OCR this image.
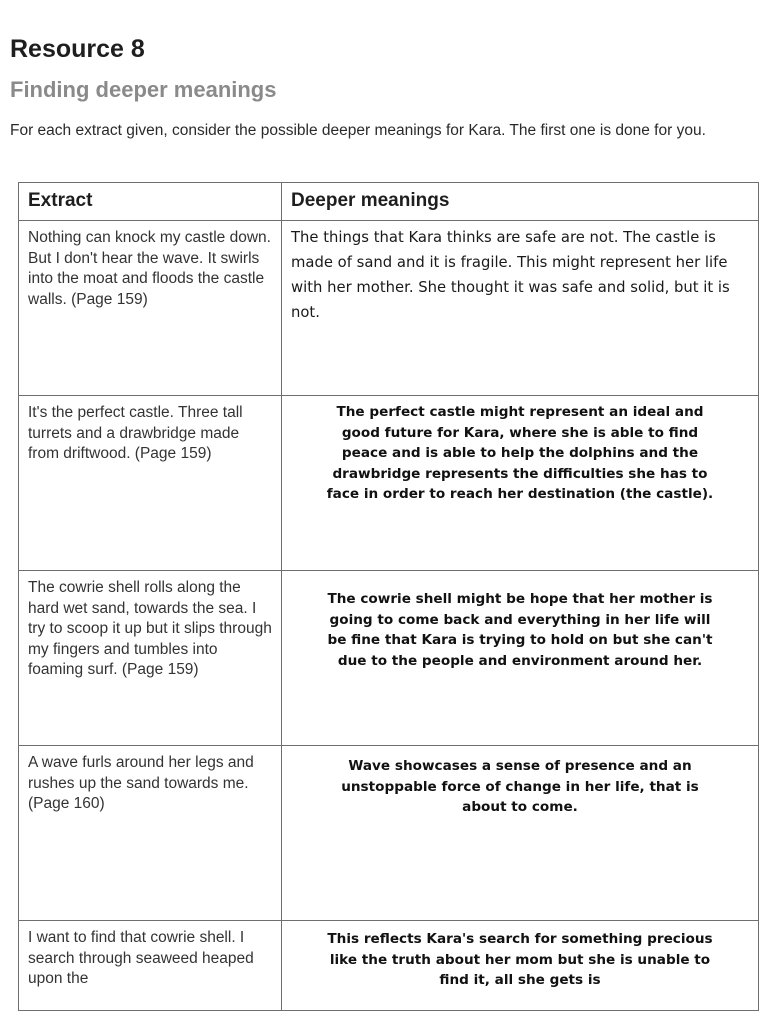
Resource 8
Finding deeper meanings

For each extract given, consider the possible deeper meanings for Kara. The first one is done for you.

Extract	Deeper meanings

Nothing can knock my castle down. But I don't hear the wave. It swirls into the moat and floods the castle walls. (Page 159)	The things that Kara thinks are safe are not. The castle is made of sand and it is fragile. This might represent her life with her mother. She thought it was safe and solid, but it is not.

It's the perfect castle. Three tall turrets and a drawbridge made from driftwood. (Page 159)	The perfect castle might represent an ideal and good future for Kara, where she is able to find peace and is able to help the dolphins and the drawbridge represents the difficulties she has to face in order to reach her destination (the castle).

The cowrie shell rolls along the hard wet sand, towards the sea. I try to scoop it up but it slips through my fingers and tumbles into foaming surf. (Page 159)	The cowrie shell might be hope that her mother is going to come back and everything in her life will be fine that Kara is trying to hold on but she can't due to the people and environment around her.

A wave furls around her legs and rushes up the sand towards me. (Page 160)	Wave showcases a sense of presence and an unstoppable force of change in her life, that is about to come.

I want to find that cowrie shell. I search through seaweed heaped upon the	This reflects Kara's search for something precious like the truth about her mom but she is unable to find it, all she gets is
